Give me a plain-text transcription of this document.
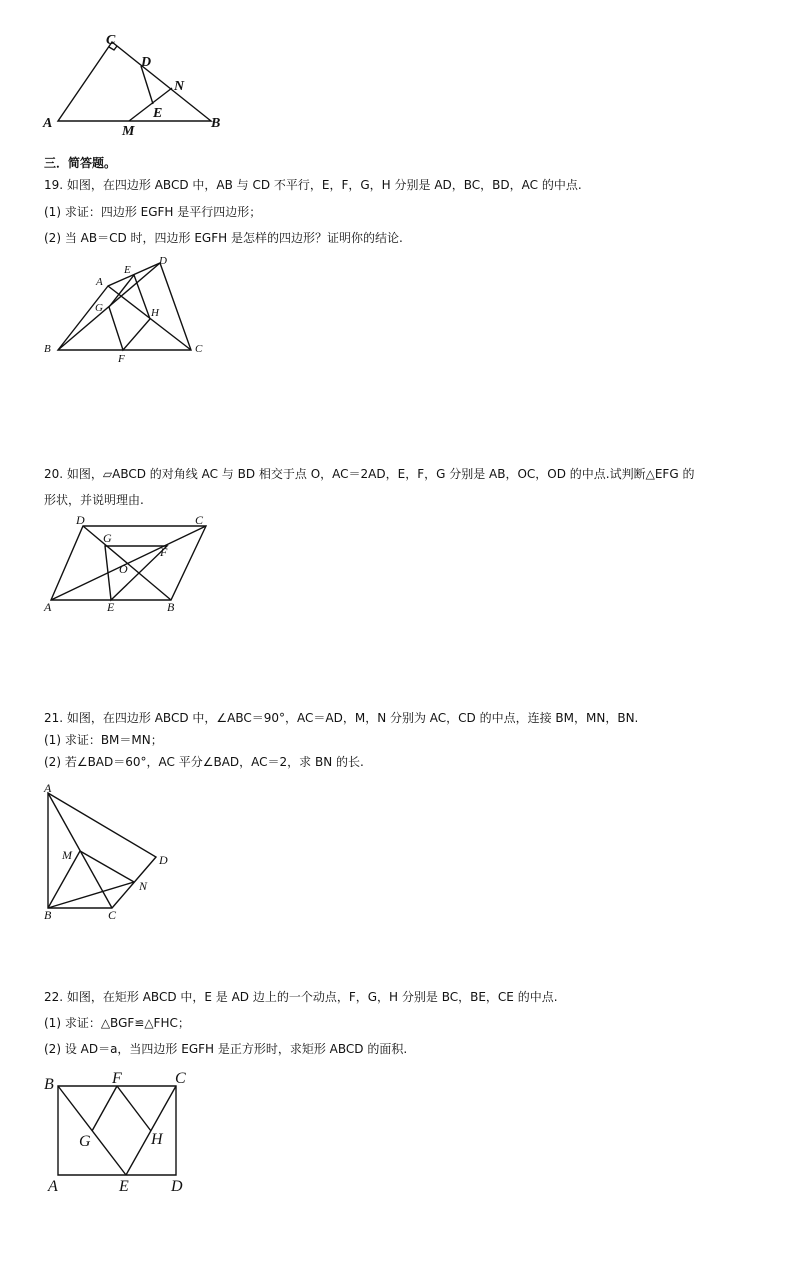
C
D
N
E
A
M
B
三．简答题。
19. 如图，在四边形 ABCD 中，AB 与 CD 不平行，E，F，G，H 分别是 AD，BC，BD，AC 的中点.
(1) 求证：四边形 EGFH 是平行四边形；
(2) 当 AB＝CD 时，四边形 EGFH 是怎样的四边形？证明你的结论.
A
E
D
G	H
B	C
F
20. 如图，▱ABCD 的对角线 AC 与 BD 相交于点 O，AC＝2AD，E，F，G 分别是 AB，OC，OD 的中点.试判断△EFG 的
形状，并说明理由.
D	C
G
F
O
A	E	B
21. 如图，在四边形 ABCD 中，∠ABC＝90°，AC＝AD，M，N 分别为 AC，CD 的中点，连接 BM，MN，BN.
(1) 求证：BM＝MN；
(2) 若∠BAD＝60°，AC 平分∠BAD，AC＝2，求 BN 的长.
A
M	D
N
B	C
22. 如图，在矩形 ABCD 中，E 是 AD 边上的一个动点，F，G，H 分别是 BC，BE，CE 的中点.
(1) 求证：△BGF≌△FHC；
(2) 设 AD＝a，当四边形 EGFH 是正方形时，求矩形 ABCD 的面积.
B	F	C
G	H
A	E	D
